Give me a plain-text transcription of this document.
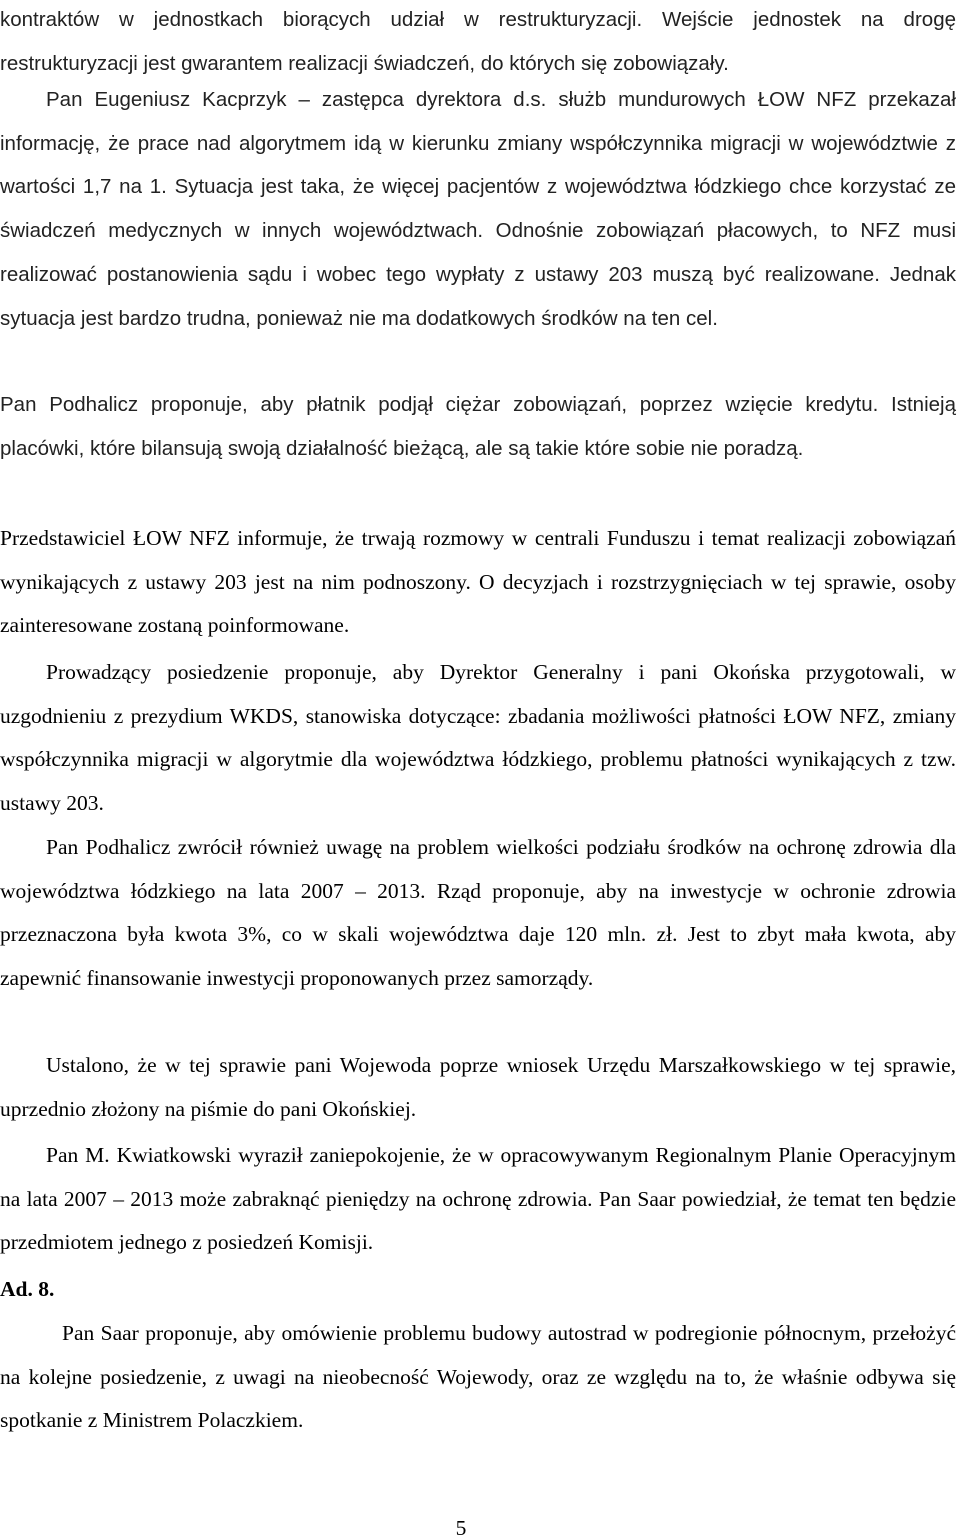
kontraktów w jednostkach biorących udział w restrukturyzacji. Wejście jednostek na drogę restrukturyzacji jest gwarantem realizacji świadczeń, do których się zobowiązały.

Pan Eugeniusz Kacprzyk – zastępca dyrektora d.s. służb mundurowych ŁOW NFZ przekazał informację, że prace nad algorytmem idą w kierunku zmiany współczynnika migracji w województwie z wartości 1,7 na 1. Sytuacja jest taka, że więcej pacjentów z województwa łódzkiego chce korzystać ze świadczeń medycznych w innych województwach. Odnośnie zobowiązań płacowych, to NFZ musi realizować postanowienia sądu i wobec tego wypłaty z ustawy 203 muszą być realizowane. Jednak sytuacja jest bardzo trudna, ponieważ nie ma dodatkowych środków na ten cel.

Pan Podhalicz proponuje, aby płatnik podjął ciężar zobowiązań, poprzez wzięcie kredytu. Istnieją placówki, które bilansują swoją działalność bieżącą, ale są takie które sobie nie poradzą.

Przedstawiciel ŁOW NFZ informuje, że trwają rozmowy w centrali Funduszu i temat realizacji zobowiązań wynikających z ustawy 203 jest na nim podnoszony. O decyzjach i rozstrzygnięciach w tej sprawie, osoby zainteresowane zostaną poinformowane.

Prowadzący posiedzenie proponuje, aby Dyrektor Generalny i pani Okońska przygotowali, w uzgodnieniu z prezydium WKDS, stanowiska dotyczące: zbadania możliwości płatności ŁOW NFZ, zmiany współczynnika migracji w algorytmie dla województwa łódzkiego, problemu płatności wynikających z tzw. ustawy 203.

Pan Podhalicz zwrócił również uwagę na problem wielkości podziału środków na ochronę zdrowia dla województwa łódzkiego na lata 2007 – 2013. Rząd proponuje, aby na inwestycje w ochronie zdrowia przeznaczona była kwota 3%, co w skali województwa daje 120 mln. zł. Jest to zbyt mała kwota, aby zapewnić finansowanie inwestycji proponowanych przez samorządy.

Ustalono, że w tej sprawie pani Wojewoda poprze wniosek Urzędu Marszałkowskiego w tej sprawie, uprzednio złożony na piśmie do pani Okońskiej.

Pan M. Kwiatkowski wyraził zaniepokojenie, że w opracowywanym Regionalnym Planie Operacyjnym na lata 2007 – 2013 może zabraknąć pieniędzy na ochronę zdrowia. Pan Saar powiedział, że temat ten będzie przedmiotem jednego z posiedzeń Komisji.

Ad. 8.

Pan Saar proponuje, aby omówienie problemu budowy autostrad w podregionie północnym, przełożyć na kolejne posiedzenie, z uwagi na nieobecność Wojewody, oraz ze względu na to, że właśnie odbywa się spotkanie z Ministrem Polaczkiem.

5
